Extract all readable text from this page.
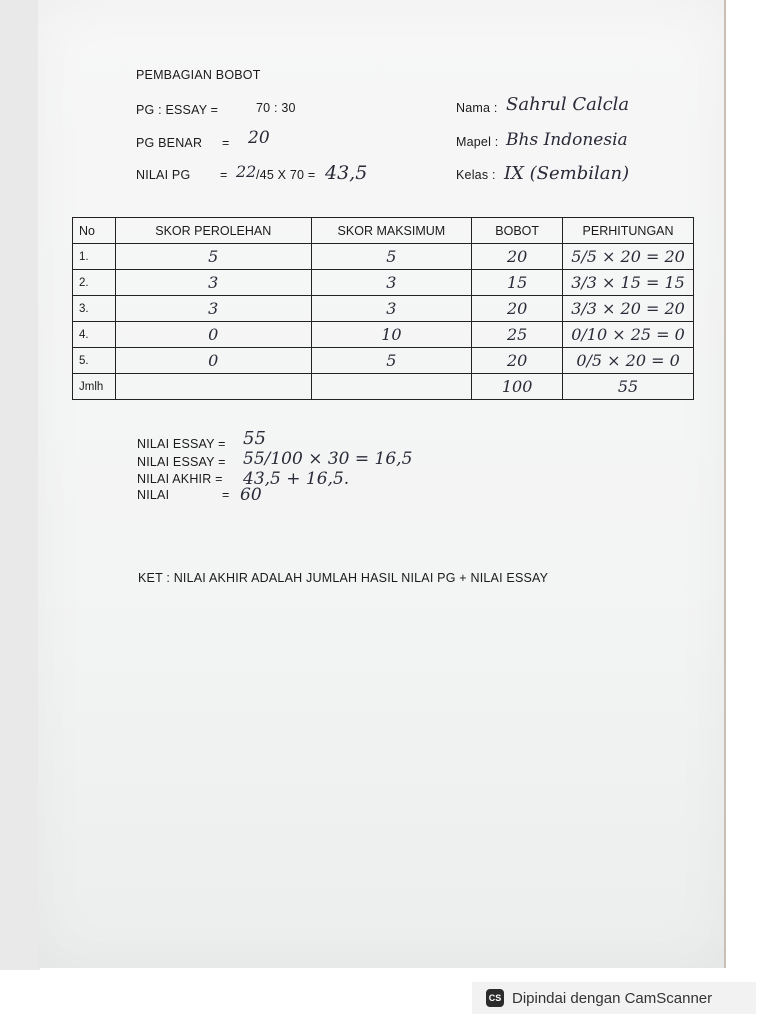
PEMBAGIAN BOBOT
PG : ESSAY =	70 : 30
PG BENAR = 20
NILAI PG = 22 /45 X 70 = 43,5
Nama : Sahrul Calcla
Mapel : Bhs Indonesia
Kelas : IX (Sembilan)
No	SKOR PEROLEHAN	SKOR MAKSIMUM	BOBOT	PERHITUNGAN
1.	5	5	20	5/5 × 20 = 20
2.	3	3	15	3/3 × 15 = 15
3.	3	3	20	3/3 × 20 = 20
4.	0	10	25	0/10 × 25 = 0
5.	0	5	20	0/5 × 20 = 0
Jmlh			100	55
NILAI ESSAY = 55
NILAI ESSAY = 55/100 × 30 = 16,5
NILAI AKHIR = 43,5 + 16,5.
NILAI	= 60
KET : NILAI AKHIR ADALAH JUMLAH HASIL NILAI PG + NILAI ESSAY
CS Dipindai dengan CamScanner
